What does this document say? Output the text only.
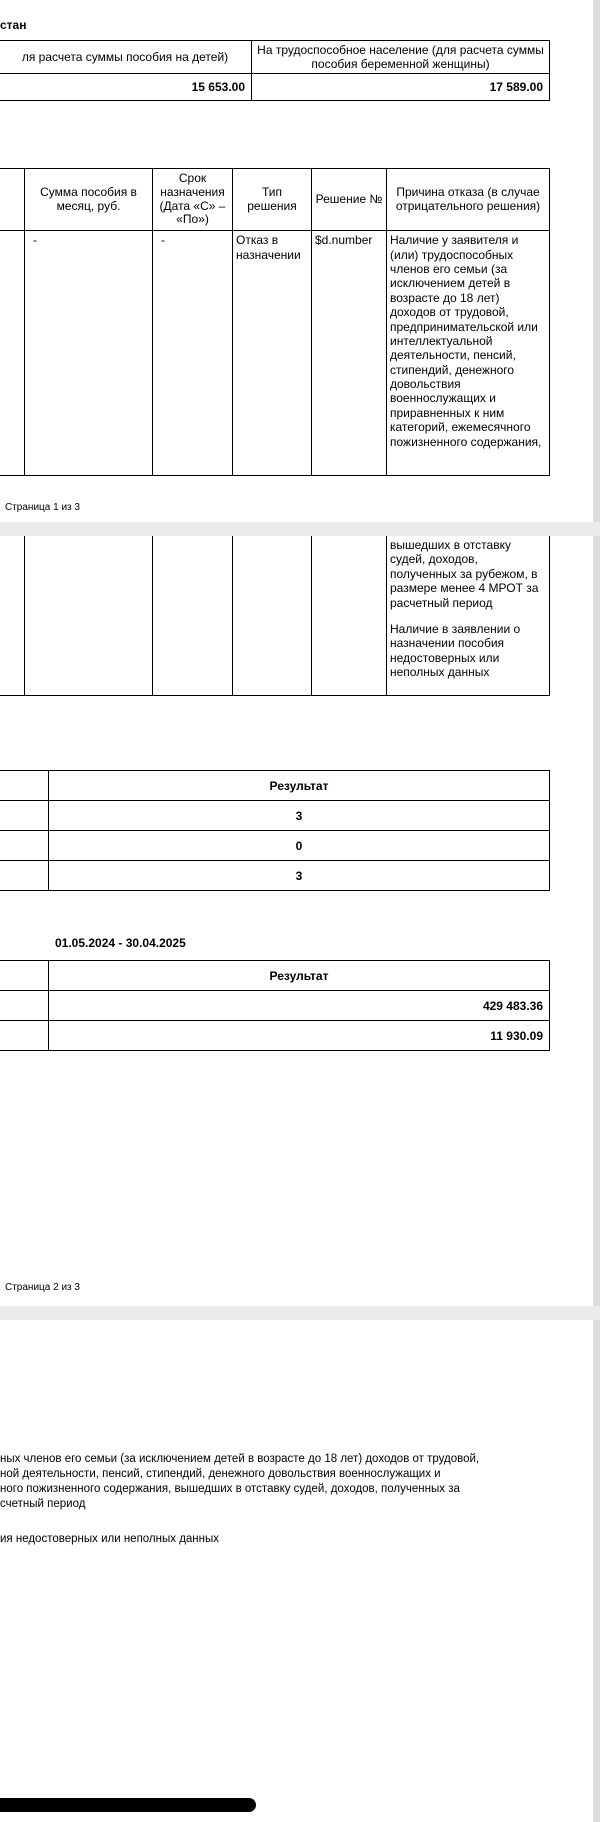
стан
ля расчета суммы пособия на детей)	На трудоспособное население (для расчета суммы пособия беременной женщины)
15 653.00	17 589.00
	Сумма пособия в месяц, руб.	Срок назначения (Дата «С» – «По»)	Тип решения	Решение №	Причина отказа (в случае отрицательного решения)
	-	-	Отказ в назначении	$d.number	Наличие у заявителя и (или) трудоспособных членов его семьи (за исключением детей в возрасте до 18 лет) доходов от трудовой, предпринимательской или интеллектуальной деятельности, пенсий, стипендий, денежного довольствия военнослужащих и приравненных к ним категорий, ежемесячного пожизненного содержания,
Страница 1 из 3

вышедших в отставку судей, доходов, полученных за рубежом, в размере менее 4 МРОТ за расчетный период
Наличие в заявлении о назначении пособия недостоверных или неполных данных
	Результат
	3
	0
	3
01.05.2024 - 30.04.2025
	Результат
	429 483.36
	11 930.09
Страница 2 из 3
ных членов его семьи (за исключением детей в возрасте до 18 лет) доходов от трудовой,
ной деятельности, пенсий, стипендий, денежного довольствия военнослужащих и
ного пожизненного содержания, вышедших в отставку судей, доходов, полученных за
счетный период
ия недостоверных или неполных данных
